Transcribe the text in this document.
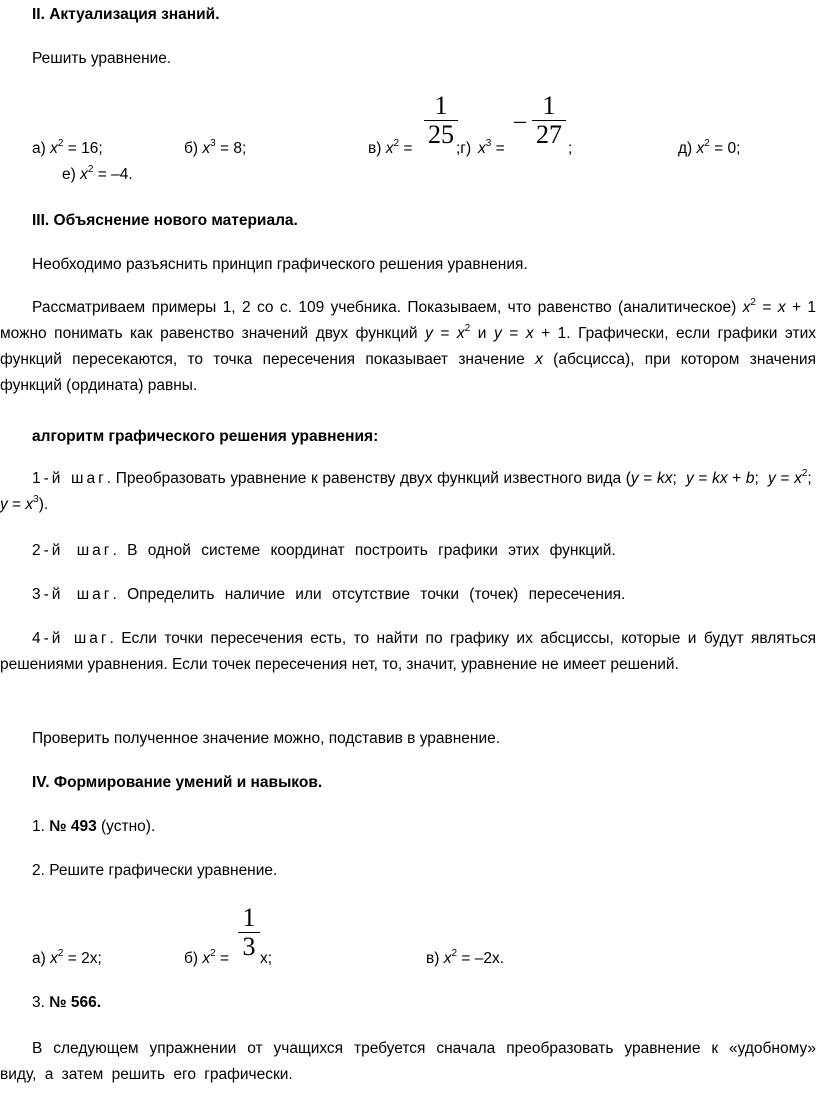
II. Актуализация знаний.

Решить уравнение.

а) $x^2 = 16$;	б) $x^3 = 8$;	в) $x^2 = \frac{1}{25}$
;г) $x^3$ =
– $\frac{1}{27}$ ;	д) $x^2 = 0$;
е) $x^2 = -4$.

III. Объяснение нового материала.

Необходимо разъяснить принцип графического решения уравнения.

Рассматриваем примеры 1, 2 со с. 109 учебника. Показываем, что равенство (аналитическое) $x^2 = x + 1$ можно понимать как равенство значений двух функций $y = x^2$ и y = x + 1. Графически, если графики этих функций пересекаются, то точка пересечения показывает значение x (абсцисса), при котором значения функций (ордината) равны.

алгоритм графического решения уравнения:

1-й шаг. Преобразовать уравнение к равенству двух функций известного вида (y = kx;  y = kx + b;  $y = x^2$;  $y = x^3$).

2-й шаг. В одной системе координат построить графики этих функций.

3-й шаг. Определить наличие или отсутствие точки (точек) пересечения.

4-й шаг. Если точки пересечения есть, то найти по графику их абсциссы, которые и будут являться решениями уравнения. Если точек пересечения нет, то, значит, уравнение не имеет решений.

Проверить полученное значение можно, подставив в уравнение.

IV. Формирование умений и навыков.

1. № 493 (устно).

2. Решите графически уравнение.

а) $x^2 = 2x$;	б) $x^2 = \frac{1}{3} x$;	в) $x^2 = -2x$.

3. № 566.

В следующем упражнении от учащихся требуется сначала преобразовать уравнение к «удобному» виду, а затем решить его графически.
